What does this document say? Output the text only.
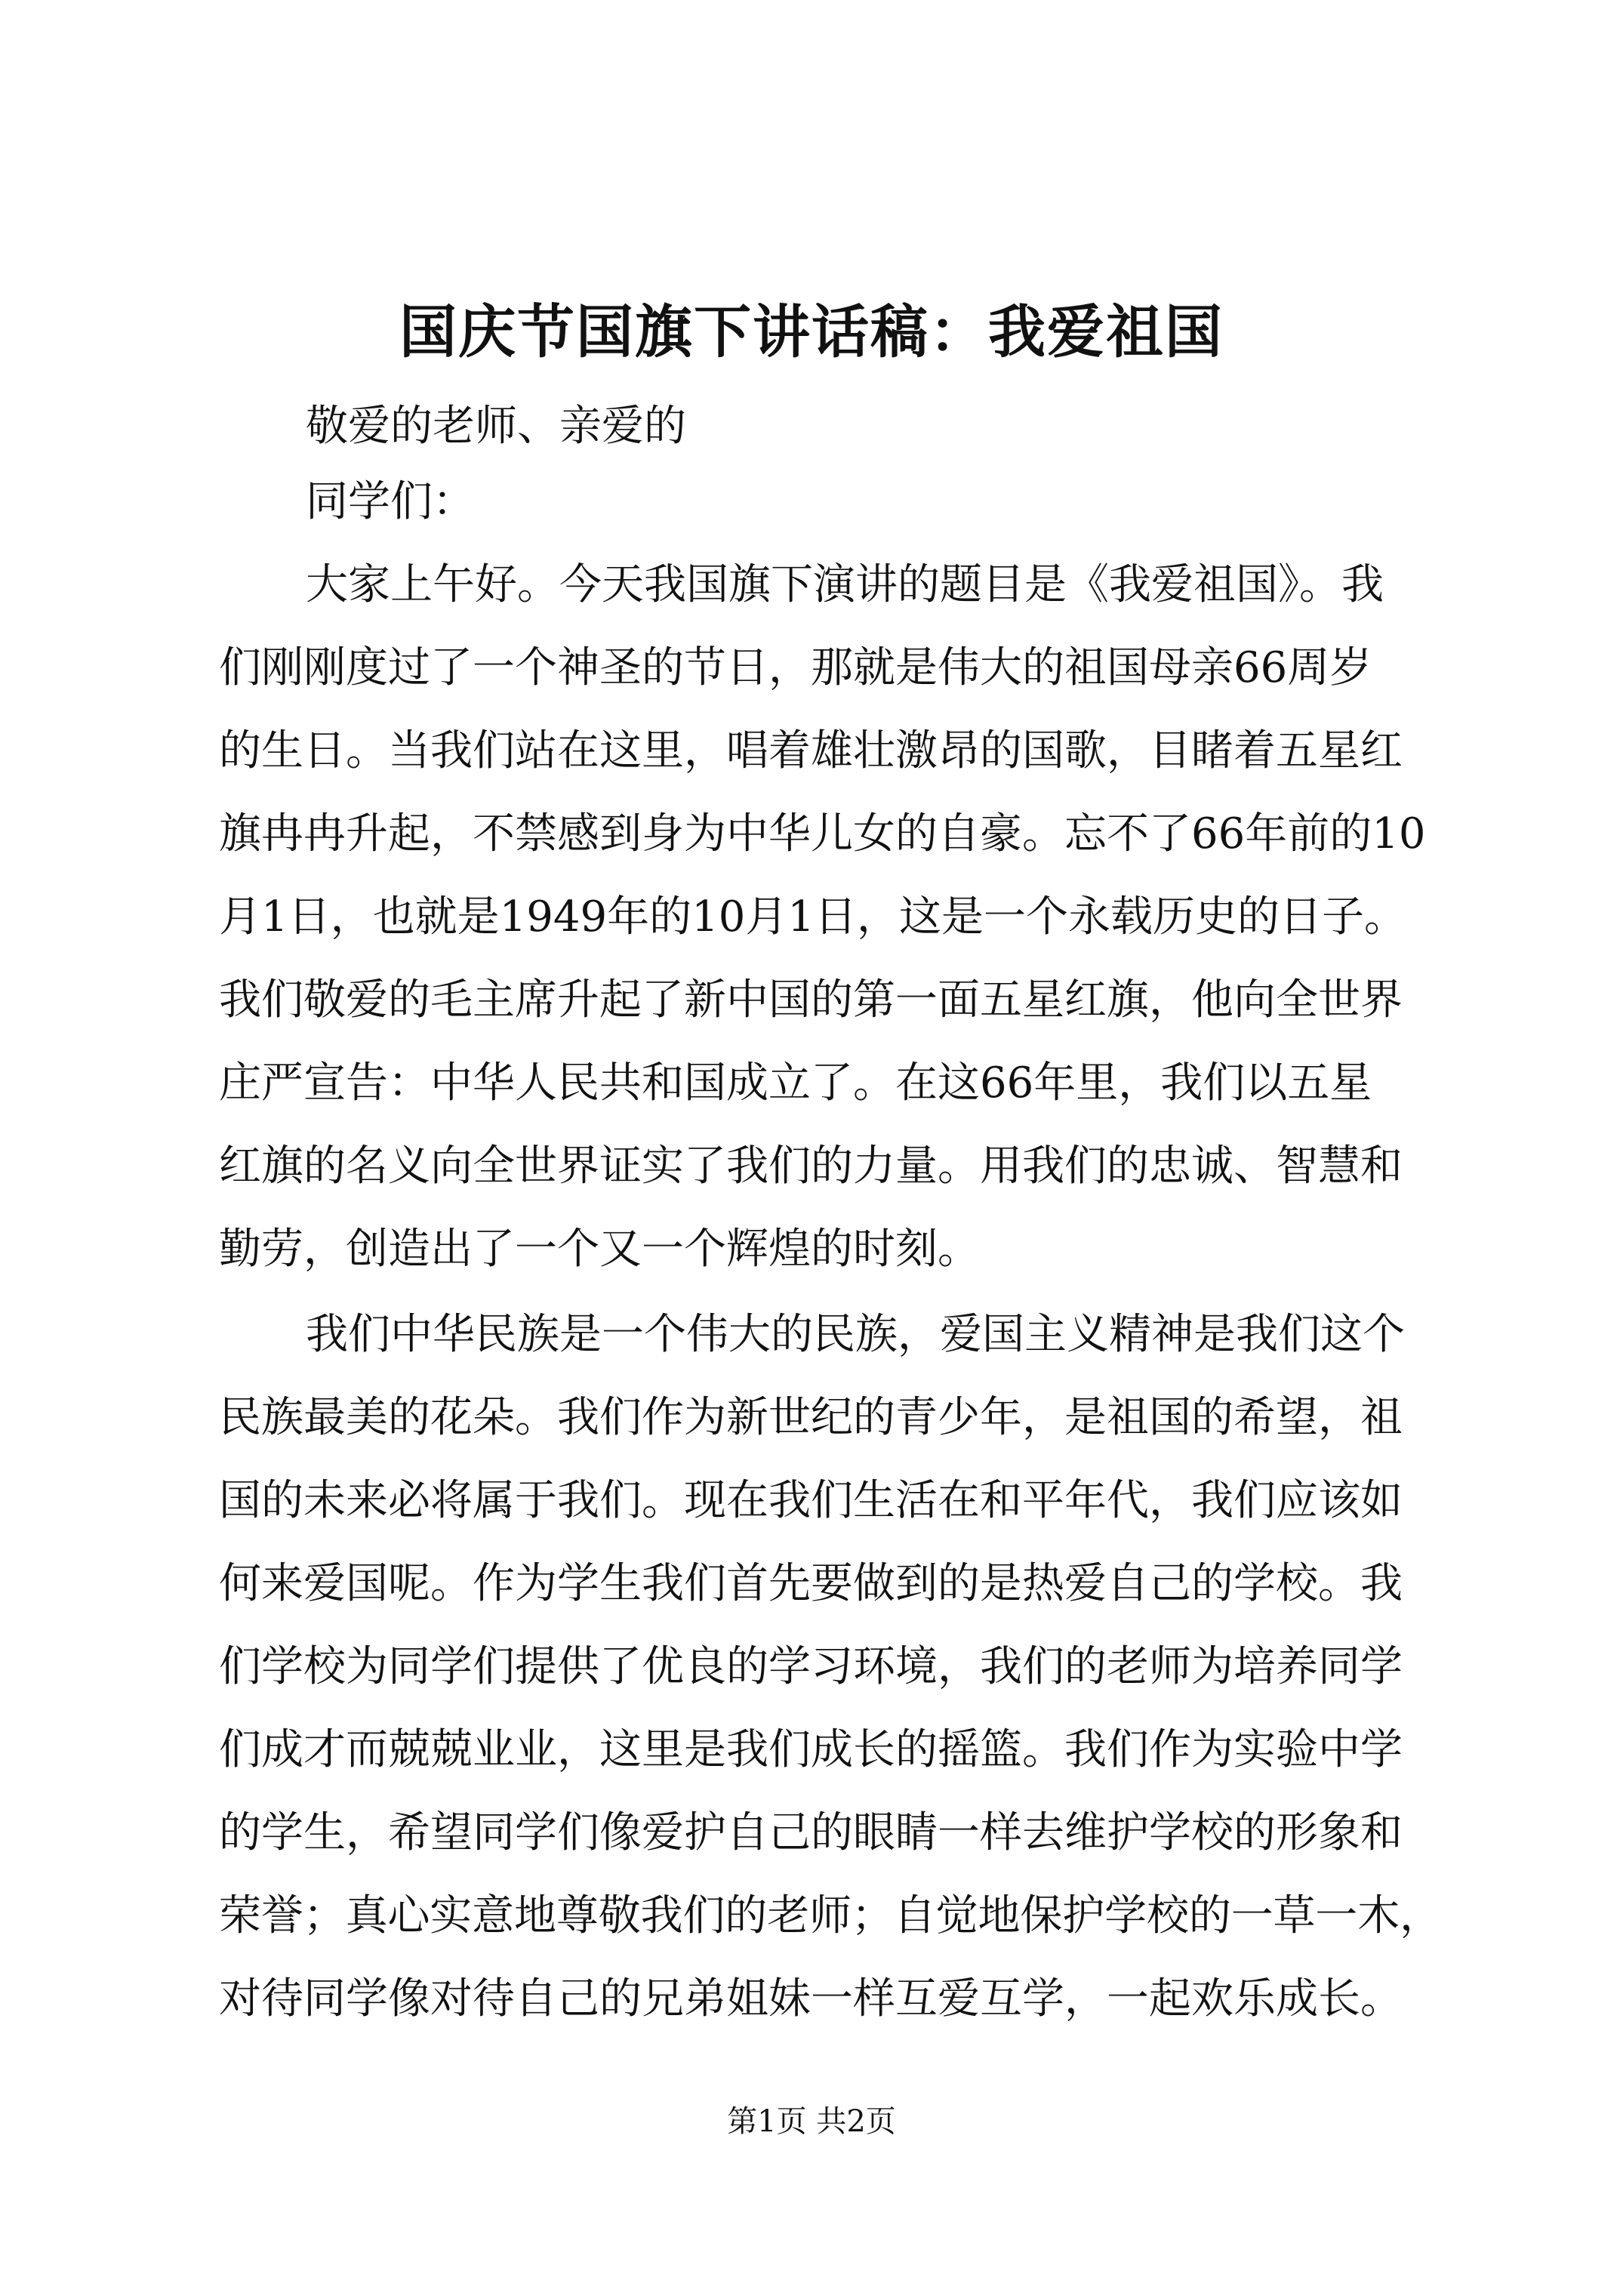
国庆节国旗下讲话稿：我爱祖国
敬爱的老师、亲爱的
同学们：
大家上午好。今天我国旗下演讲的题目是《我爱祖国》。我
们刚刚度过了一个神圣的节日，那就是伟大的祖国母亲66周岁
的生日。当我们站在这里，唱着雄壮激昂的国歌，目睹着五星红
旗冉冉升起，不禁感到身为中华儿女的自豪。忘不了66年前的10
月1日，也就是1949年的10月1日，这是一个永载历史的日子。
我们敬爱的毛主席升起了新中国的第一面五星红旗，他向全世界
庄严宣告：中华人民共和国成立了。在这66年里，我们以五星
红旗的名义向全世界证实了我们的力量。用我们的忠诚、智慧和
勤劳，创造出了一个又一个辉煌的时刻。
我们中华民族是一个伟大的民族，爱国主义精神是我们这个
民族最美的花朵。我们作为新世纪的青少年，是祖国的希望，祖
国的未来必将属于我们。现在我们生活在和平年代，我们应该如
何来爱国呢。作为学生我们首先要做到的是热爱自己的学校。我
们学校为同学们提供了优良的学习环境，我们的老师为培养同学
们成才而兢兢业业，这里是我们成长的摇篮。我们作为实验中学
的学生，希望同学们像爱护自己的眼睛一样去维护学校的形象和
荣誉；真心实意地尊敬我们的老师；自觉地保护学校的一草一木，
对待同学像对待自己的兄弟姐妹一样互爱互学，一起欢乐成长。
第1页 共2页
